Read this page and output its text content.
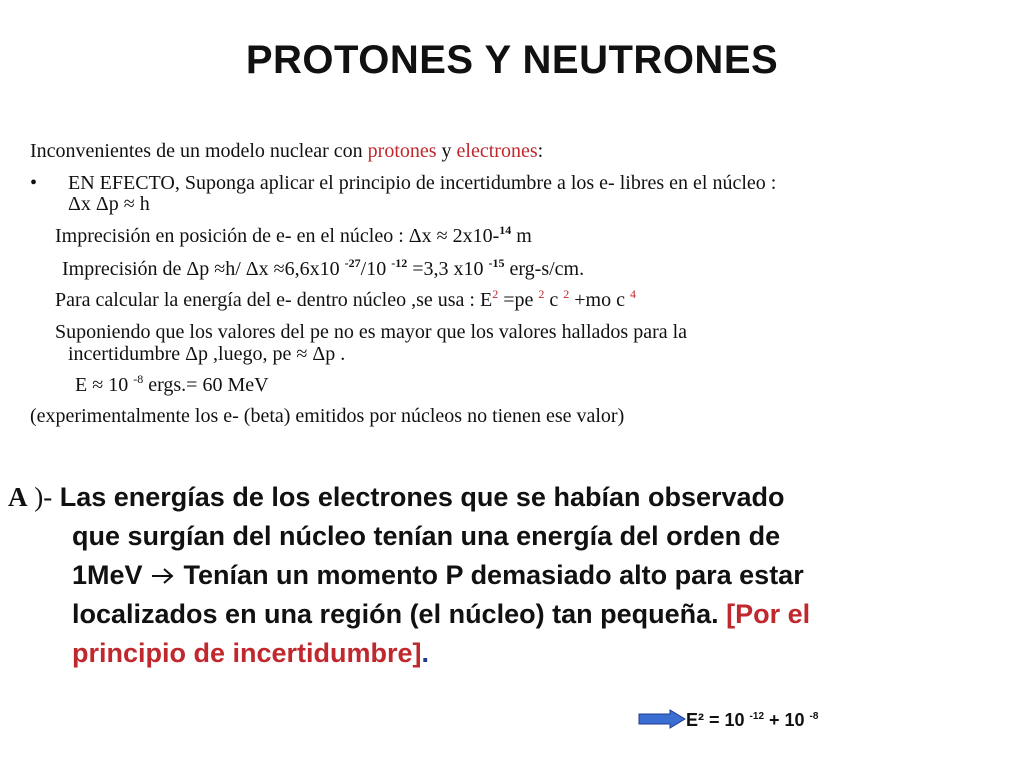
PROTONES Y NEUTRONES
Inconvenientes de un modelo nuclear con protones y electrones:
• EN EFECTO, Suponga aplicar el principio de incertidumbre a los e- libres en el núcleo :
Δx Δp ≈ h
Imprecisión en posición de e- en el núcleo : Δx ≈ 2x10-$^{14}$ m
Imprecisión de Δp ≈h/ Δx ≈6,6x10 $^{-27}$/10 $^{-12}$ =3,3 x10 $^{-15}$ erg-s/cm.
Para calcular la energía del e- dentro núcleo ,se usa : $E^2 =pe$ $^2$ c $^2$ +mo c $^4$
Suponiendo que los valores del pe no es mayor que los valores hallados para la
incertidumbre Δp ,luego, pe ≈ Δp .
E ≈ 10 $^{-8}$ ergs.= 60 MeV
(experimentalmente los e- (beta) emitidos por núcleos no tienen ese valor)
A )- Las energías de los electrones que se habían observado
que surgían del núcleo tenían una energía del orden de
1MeV  Tenían un momento P demasiado alto para estar
localizados en una región (el núcleo) tan pequeña. [Por el
principio de incertidumbre].
E² = 10 $^{-12}$ + 10 $^{-8}$
